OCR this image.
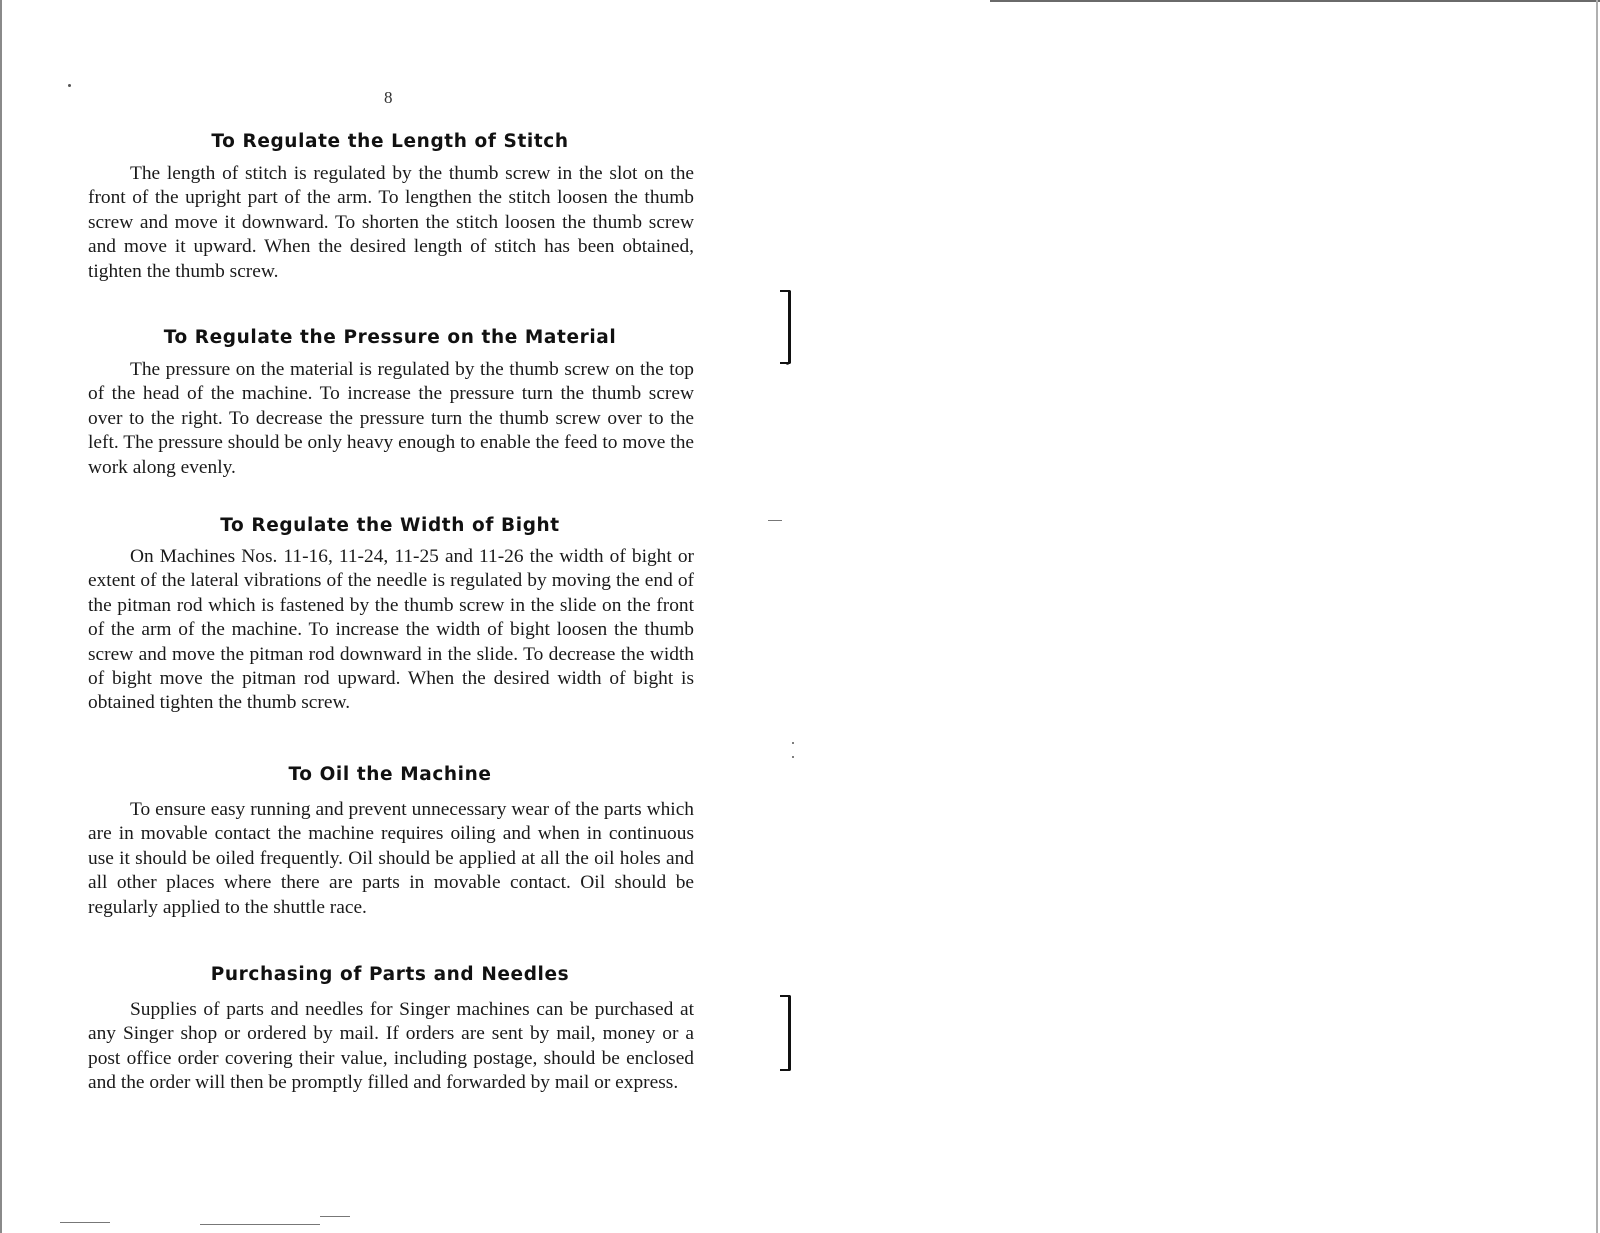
8
To Regulate the Length of Stitch

The length of stitch is regulated by the thumb screw in the slot on the front of the upright part of the arm. To lengthen the stitch loosen the thumb screw and move it downward. To shorten the stitch loosen the thumb screw and move it upward. When the desired length of stitch has been obtained, tighten the thumb screw.

To Regulate the Pressure on the Material

The pressure on the material is regulated by the thumb screw on the top of the head of the machine. To increase the pressure turn the thumb screw over to the right. To decrease the pressure turn the thumb screw over to the left. The pressure should be only heavy enough to enable the feed to move the work along evenly.

To Regulate the Width of Bight

On Machines Nos. 11-16, 11-24, 11-25 and 11-26 the width of bight or extent of the lateral vibrations of the needle is regulated by moving the end of the pitman rod which is fastened by the thumb screw in the slide on the front of the arm of the machine. To increase the width of bight loosen the thumb screw and move the pitman rod downward in the slide. To decrease the width of bight move the pitman rod upward. When the desired width of bight is obtained tighten the thumb screw.

To Oil the Machine

To ensure easy running and prevent unnecessary wear of the parts which are in movable contact the machine requires oiling and when in continuous use it should be oiled frequently. Oil should be applied at all the oil holes and all other places where there are parts in movable contact. Oil should be regularly applied to the shuttle race.

Purchasing of Parts and Needles

Supplies of parts and needles for Singer machines can be purchased at any Singer shop or ordered by mail. If orders are sent by mail, money or a post office order covering their value, including postage, should be enclosed and the order will then be promptly filled and forwarded by mail or express.
